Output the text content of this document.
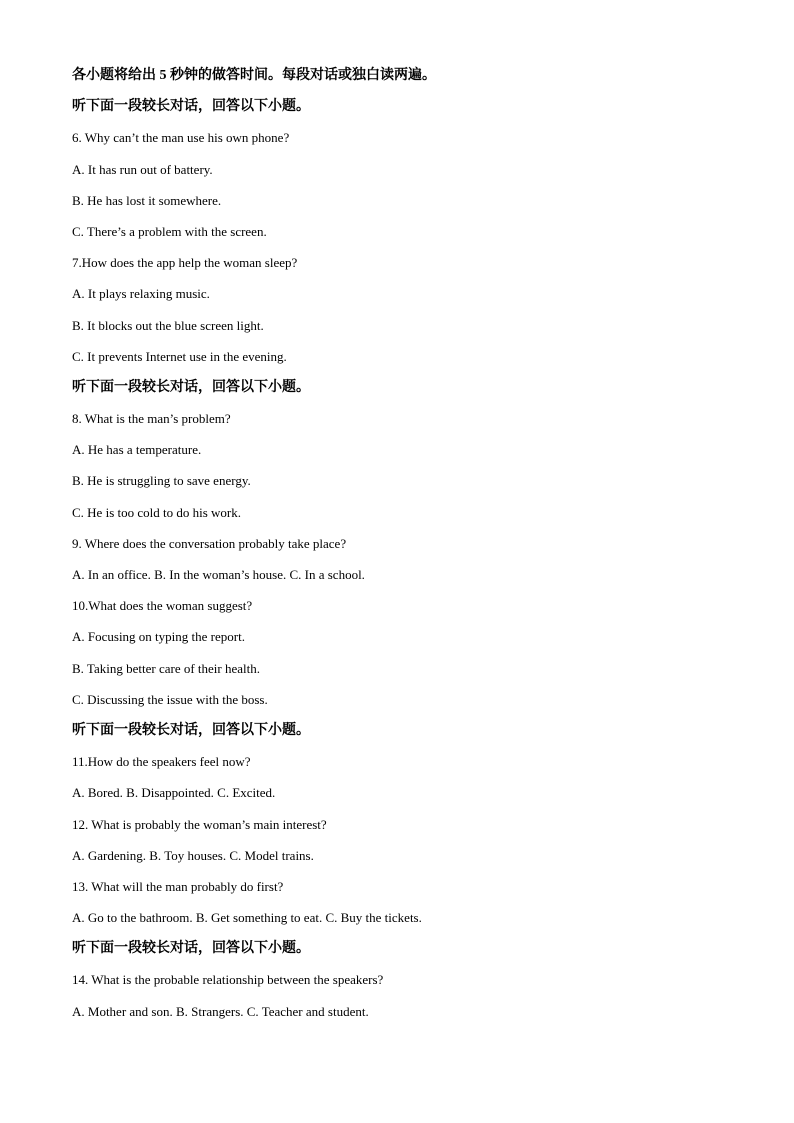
各小题将给出 5 秒钟的做答时间。每段对话或独白读两遍。
听下面一段较长对话，回答以下小题。
6. Why can’t the man use his own phone?
A. It has run out of battery.
B. He has lost it somewhere.
C. There’s a problem with the screen.
7.How does the app help the woman sleep?
A. It plays relaxing music.
B. It blocks out the blue screen light.
C. It prevents Internet use in the evening.
听下面一段较长对话，回答以下小题。
8. What is the man’s problem?
A. He has a temperature.
B. He is struggling to save energy.
C. He is too cold to do his work.
9. Where does the conversation probably take place?
A. In an office. B. In the woman’s house. C. In a school.
10.What does the woman suggest?
A. Focusing on typing the report.
B. Taking better care of their health.
C. Discussing the issue with the boss.
听下面一段较长对话，回答以下小题。
11.How do the speakers feel now?
A. Bored. B. Disappointed. C. Excited.
12. What is probably the woman’s main interest?
A. Gardening. B. Toy houses. C. Model trains.
13. What will the man probably do first?
A. Go to the bathroom. B. Get something to eat. C. Buy the tickets.
听下面一段较长对话，回答以下小题。
14. What is the probable relationship between the speakers?
A. Mother and son. B. Strangers. C. Teacher and student.
